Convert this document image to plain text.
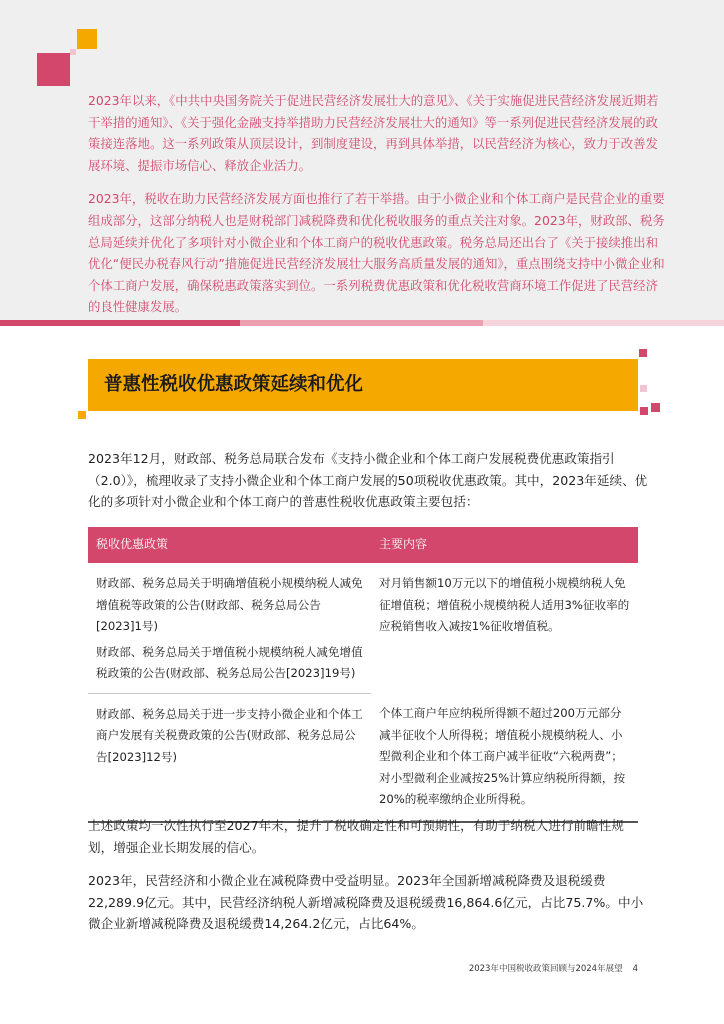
2023年以来，《中共中央国务院关于促进民营经济发展壮大的意见》、《关于实施促进民营经济发展近期若干举措的通知》、《关于强化金融支持举措助力民营经济发展壮大的通知》等一系列促进民营经济发展的政策接连落地。这一系列政策从顶层设计，到制度建设，再到具体举措，以民营经济为核心，致力于改善发展环境、提振市场信心、释放企业活力。

2023年，税收在助力民营经济发展方面也推行了若干举措。由于小微企业和个体工商户是民营企业的重要组成部分，这部分纳税人也是财税部门减税降费和优化税收服务的重点关注对象。2023年，财政部、税务总局延续并优化了多项针对小微企业和个体工商户的税收优惠政策。税务总局还出台了《关于接续推出和优化“便民办税春风行动”措施促进民营经济发展壮大服务高质量发展的通知》，重点围绕支持中小微企业和个体工商户发展，确保税惠政策落实到位。一系列税费优惠政策和优化税收营商环境工作促进了民营经济的良性健康发展。

普惠性税收优惠政策延续和优化

2023年12月，财政部、税务总局联合发布《支持小微企业和个体工商户发展税费优惠政策指引（2.0）》，梳理收录了支持小微企业和个体工商户发展的50项税收优惠政策。其中，2023年延续、优化的多项针对小微企业和个体工商户的普惠性税收优惠政策主要包括：

税收优惠政策	主要内容
财政部、税务总局关于明确增值税小规模纳税人减免增值税等政策的公告(财政部、税务总局公告[2023]1号)	对月销售额10万元以下的增值税小规模纳税人免征增值税；增值税小规模纳税人适用3%征收率的应税销售收入减按1%征收增值税。
财政部、税务总局关于增值税小规模纳税人减免增值税政策的公告(财政部、税务总局公告[2023]19号)	
财政部、税务总局关于进一步支持小微企业和个体工商户发展有关税费政策的公告(财政部、税务总局公告[2023]12号)	个体工商户年应纳税所得额不超过200万元部分减半征收个人所得税；增值税小规模纳税人、小型微利企业和个体工商户减半征收“六税两费”；对小型微利企业减按25%计算应纳税所得额，按20%的税率缴纳企业所得税。

上述政策均一次性执行至2027年末，提升了税收确定性和可预期性，有助于纳税人进行前瞻性规划，增强企业长期发展的信心。

2023年，民营经济和小微企业在减税降费中受益明显。2023年全国新增减税降费及退税缓费22,289.9亿元。其中，民营经济纳税人新增减税降费及退税缓费16,864.6亿元，占比75.7%。中小微企业新增减税降费及退税缓费14,264.2亿元，占比64%。

2023年中国税收政策回顾与2024年展望 4
